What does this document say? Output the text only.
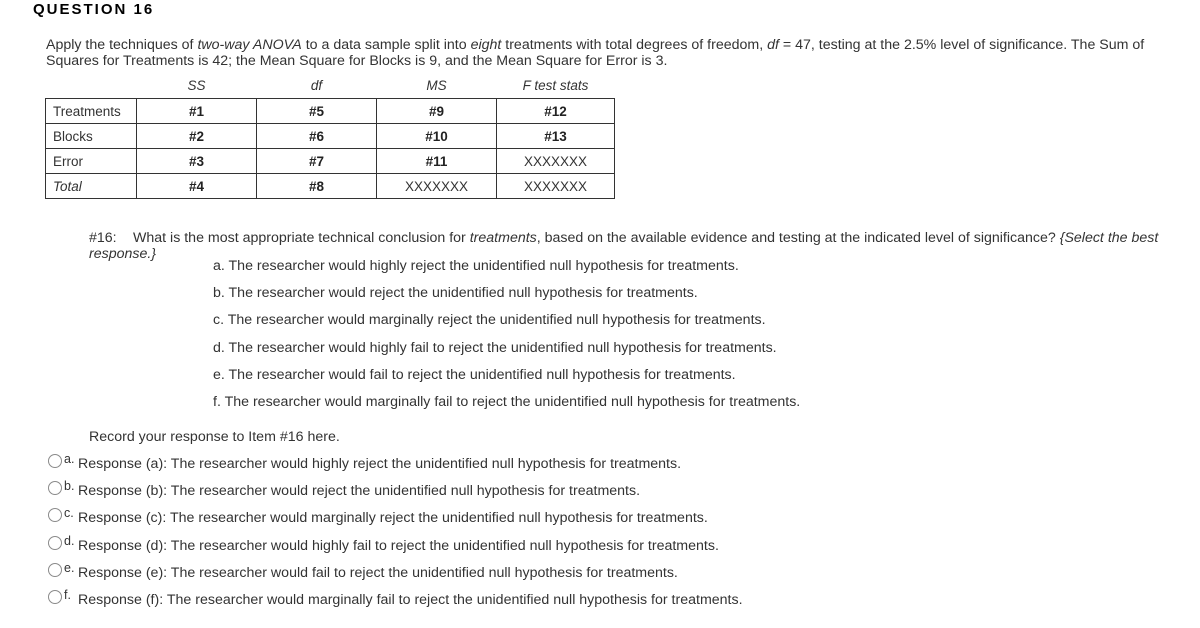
QUESTION 16
Apply the techniques of two-way ANOVA to a data sample split into eight treatments with total degrees of freedom, df = 47, testing at the 2.5% level of significance. The Sum of Squares for Treatments is 42; the Mean Square for Blocks is 9, and the Mean Square for Error is 3.
	SS	df	MS	F test stats
Treatments	#1	#5	#9	#12
Blocks	#2	#6	#10	#13
Error	#3	#7	#11	XXXXXXX
Total	#4	#8	XXXXXXX	XXXXXXX
#16: What is the most appropriate technical conclusion for treatments, based on the available evidence and testing at the indicated level of significance? {Select the best response.}
a. The researcher would highly reject the unidentified null hypothesis for treatments.
b. The researcher would reject the unidentified null hypothesis for treatments.
c. The researcher would marginally reject the unidentified null hypothesis for treatments.
d. The researcher would highly fail to reject the unidentified null hypothesis for treatments.
e. The researcher would fail to reject the unidentified null hypothesis for treatments.
f. The researcher would marginally fail to reject the unidentified null hypothesis for treatments.
Record your response to Item #16 here.
a. Response (a): The researcher would highly reject the unidentified null hypothesis for treatments.
b. Response (b): The researcher would reject the unidentified null hypothesis for treatments.
c. Response (c): The researcher would marginally reject the unidentified null hypothesis for treatments.
d. Response (d): The researcher would highly fail to reject the unidentified null hypothesis for treatments.
e. Response (e): The researcher would fail to reject the unidentified null hypothesis for treatments.
f. Response (f): The researcher would marginally fail to reject the unidentified null hypothesis for treatments.
